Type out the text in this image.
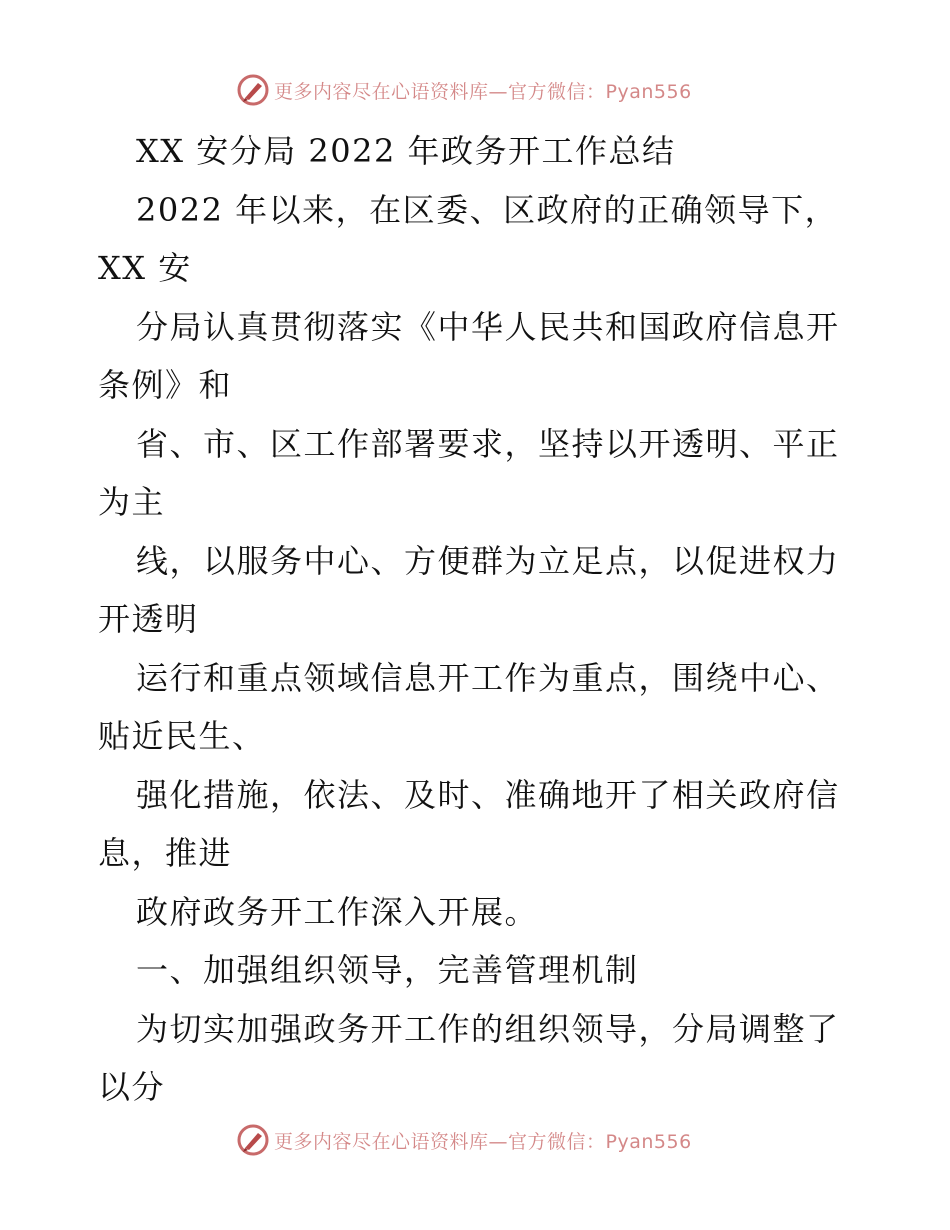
更多内容尽在心语资料库—官方微信：Pyan556
XX 安分局 2022 年政务开工作总结
2022 年以来，在区委、区政府的正确领导下，
XX 安
分局认真贯彻落实《中华人民共和国政府信息开
条例》和
省、市、区工作部署要求，坚持以开透明、平正
为主
线，以服务中心、方便群为立足点，以促进权力
开透明
运行和重点领域信息开工作为重点，围绕中心、
贴近民生、
强化措施，依法、及时、准确地开了相关政府信
息，推进
政府政务开工作深入开展。
一、加强组织领导，完善管理机制
为切实加强政务开工作的组织领导，分局调整了
以分
更多内容尽在心语资料库—官方微信：Pyan556
